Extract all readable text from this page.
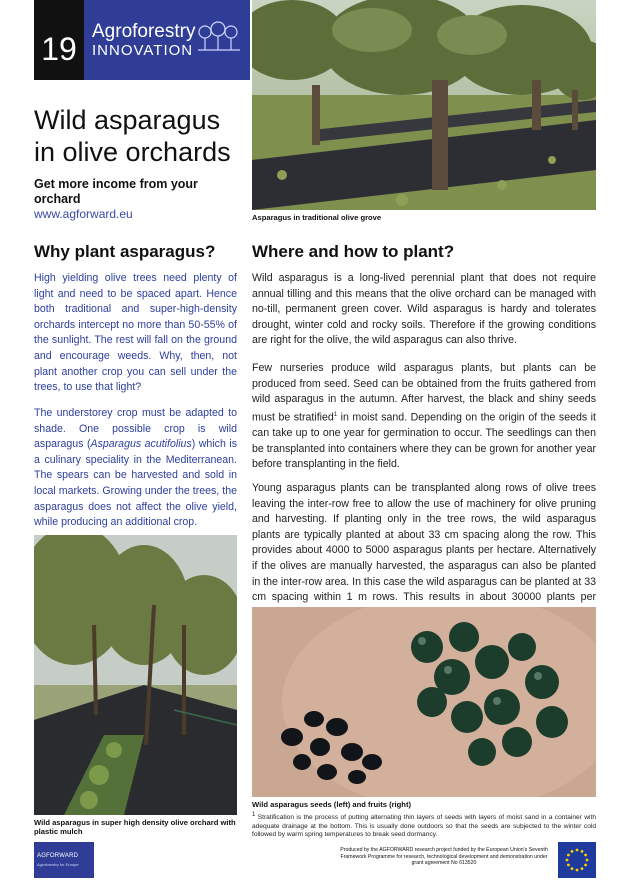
19 Agroforestry
INNOVATION
Wild asparagus in olive orchards
Get more income from your orchard
www.agforward.eu	Asparagus in traditional olive grove
Why plant asparagus?

High yielding olive trees need plenty of light and need to be spaced apart. Hence both traditional and super-high-density orchards intercept no more than 50-55% of the sunlight. The rest will fall on the ground and encourage weeds. Why, then, not plant another crop you can sell under the trees, to use that light?

The understorey crop must be adapted to shade. One possible crop is wild asparagus (Asparagus acutifolius) which is a culinary speciality in the Mediterranean. The spears can be harvested and sold in local markets. Growing under the trees, the asparagus does not affect the olive yield, while producing an additional crop.

Where and how to plant?

Wild asparagus is a long-lived perennial plant that does not require annual tilling and this means that the olive orchard can be managed with no-till, permanent green cover. Wild asparagus is hardy and tolerates drought, winter cold and rocky soils. Therefore if the growing conditions are right for the olive, the wild asparagus can also thrive.

Few nurseries produce wild asparagus plants, but plants can be produced from seed. Seed can be obtained from the fruits gathered from wild asparagus in the autumn. After harvest, the black and shiny seeds must be stratified$^1$ in moist sand. Depending on the origin of the seeds it can take up to one year for germination to occur. The seedlings can then be transplanted into containers where they can be grown for another year before transplanting in the field.

Young asparagus plants can be transplanted along rows of olive trees leaving the inter-row free to allow the use of machinery for olive pruning and harvesting. If planting only in the tree rows, the wild asparagus plants are typically planted at about 33 cm spacing along the row. This provides about 4000 to 5000 asparagus plants per hectare. Alternatively if the olives are manually harvested, the asparagus can also be planted in the inter-row area. In this case the wild asparagus can be planted at 33 cm spacing within 1 m rows. This results in about 30000 plants per

Wild asparagus in super high density olive orchard with plastic mulch
Wild asparagus seeds (left) and fruits (right)
$^1$ Stratification is the process of putting alternating thin layers of seeds with layers of moist sand in a container with adequate drainage at the bottom. This is usually done outdoors so that the seeds are subjected to the winter cold followed by warm spring temperatures to break seed dormancy.
AGFORWARD
Agroforestry for Europe
Produced by the AGFORWARD research project funded by the European Union's Seventh Framework Programme for research, technological development and demonstration under grant agreement No 613520
